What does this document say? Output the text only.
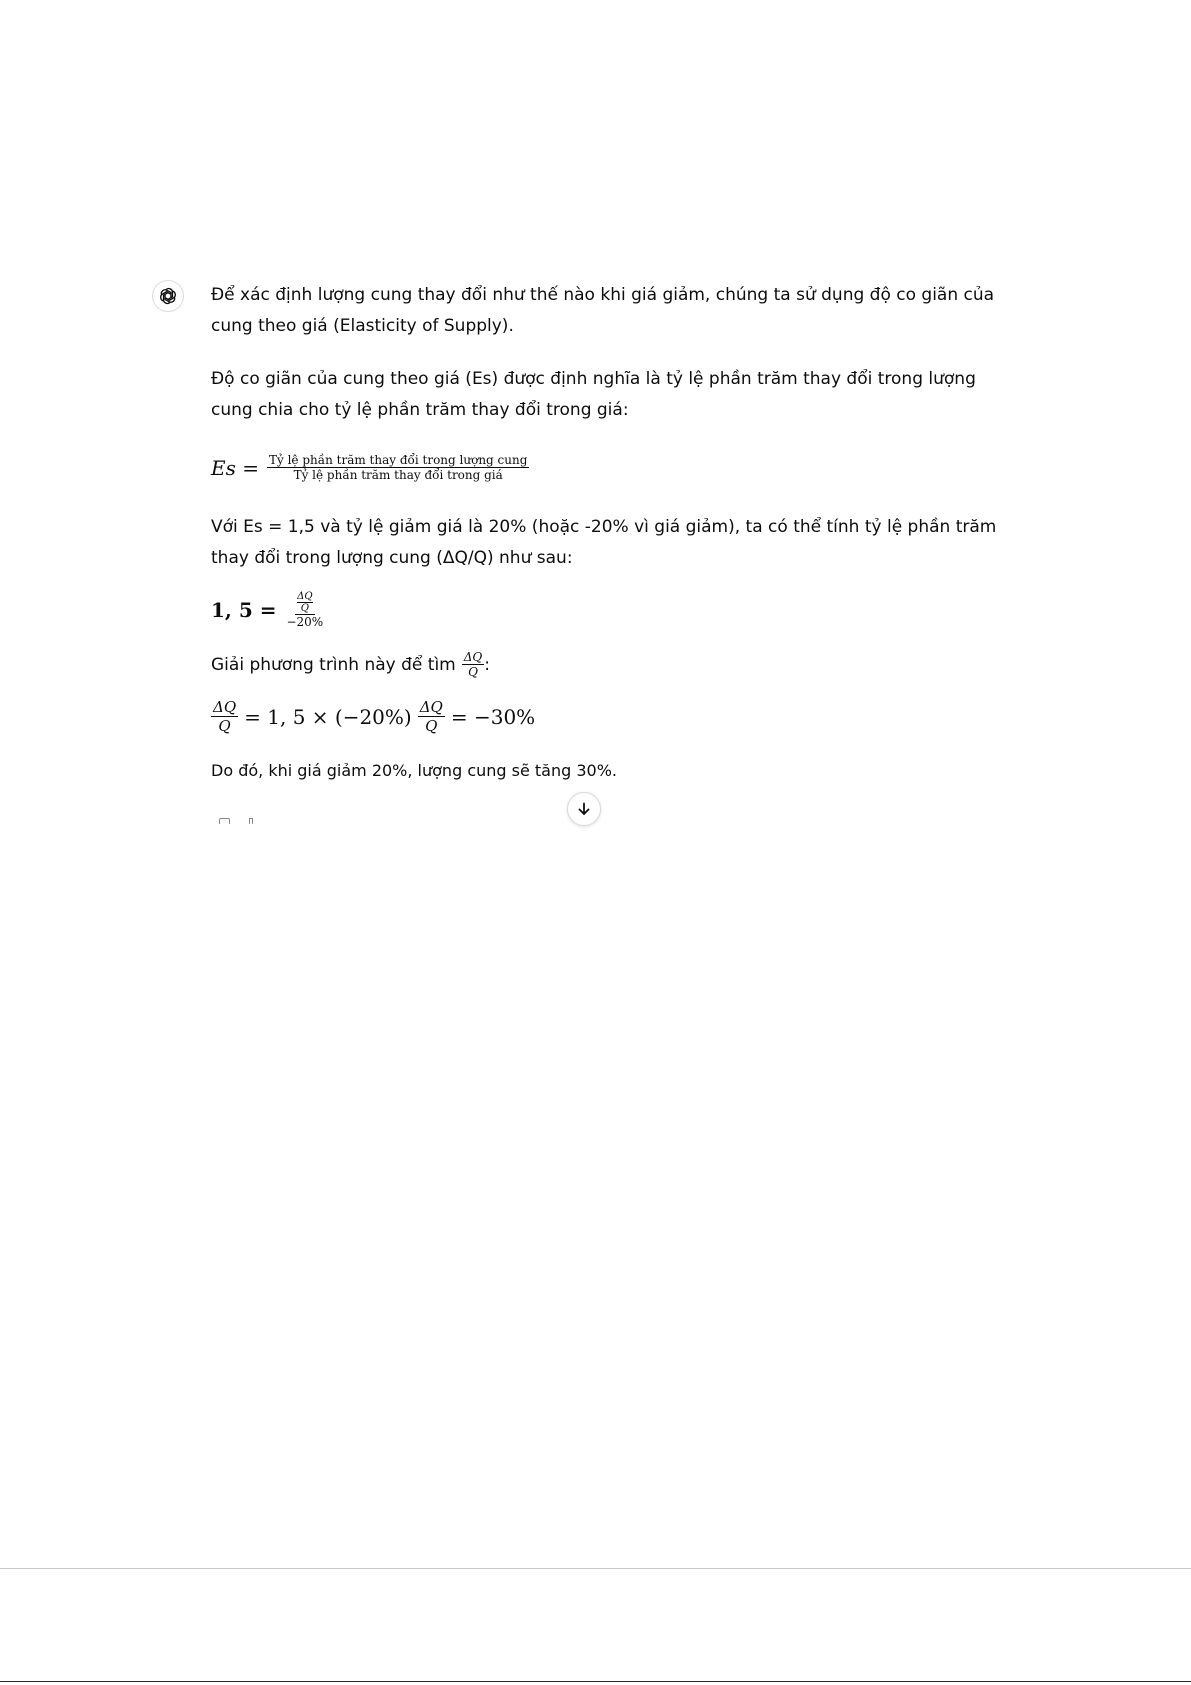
Để xác định lượng cung thay đổi như thế nào khi giá giảm, chúng ta sử dụng độ co giãn của cung theo giá (Elasticity of Supply).

Độ co giãn của cung theo giá (Es) được định nghĩa là tỷ lệ phần trăm thay đổi trong lượng cung chia cho tỷ lệ phần trăm thay đổi trong giá:

$Es = \frac{\text{Tỷ lệ phần trăm thay đổi trong lượng cung}}{\text{Tỷ lệ phần trăm thay đổi trong giá}}$

Với Es = 1,5 và tỷ lệ giảm giá là 20% (hoặc -20% vì giá giảm), ta có thể tính tỷ lệ phần trăm thay đổi trong lượng cung (ΔQ/Q) như sau:

1, $5 = \frac{\frac{\Delta Q}{Q}}{-20\%}$

Giải phương trình này để tìm $\frac{\Delta Q}{Q}$ :

$\frac{\Delta Q}{Q} = 1$, $5 \times (-20\%) \frac{\Delta Q}{Q} = -30\%$

Do đó, khi giá giảm 20%, lượng cung sẽ tăng 30%.
